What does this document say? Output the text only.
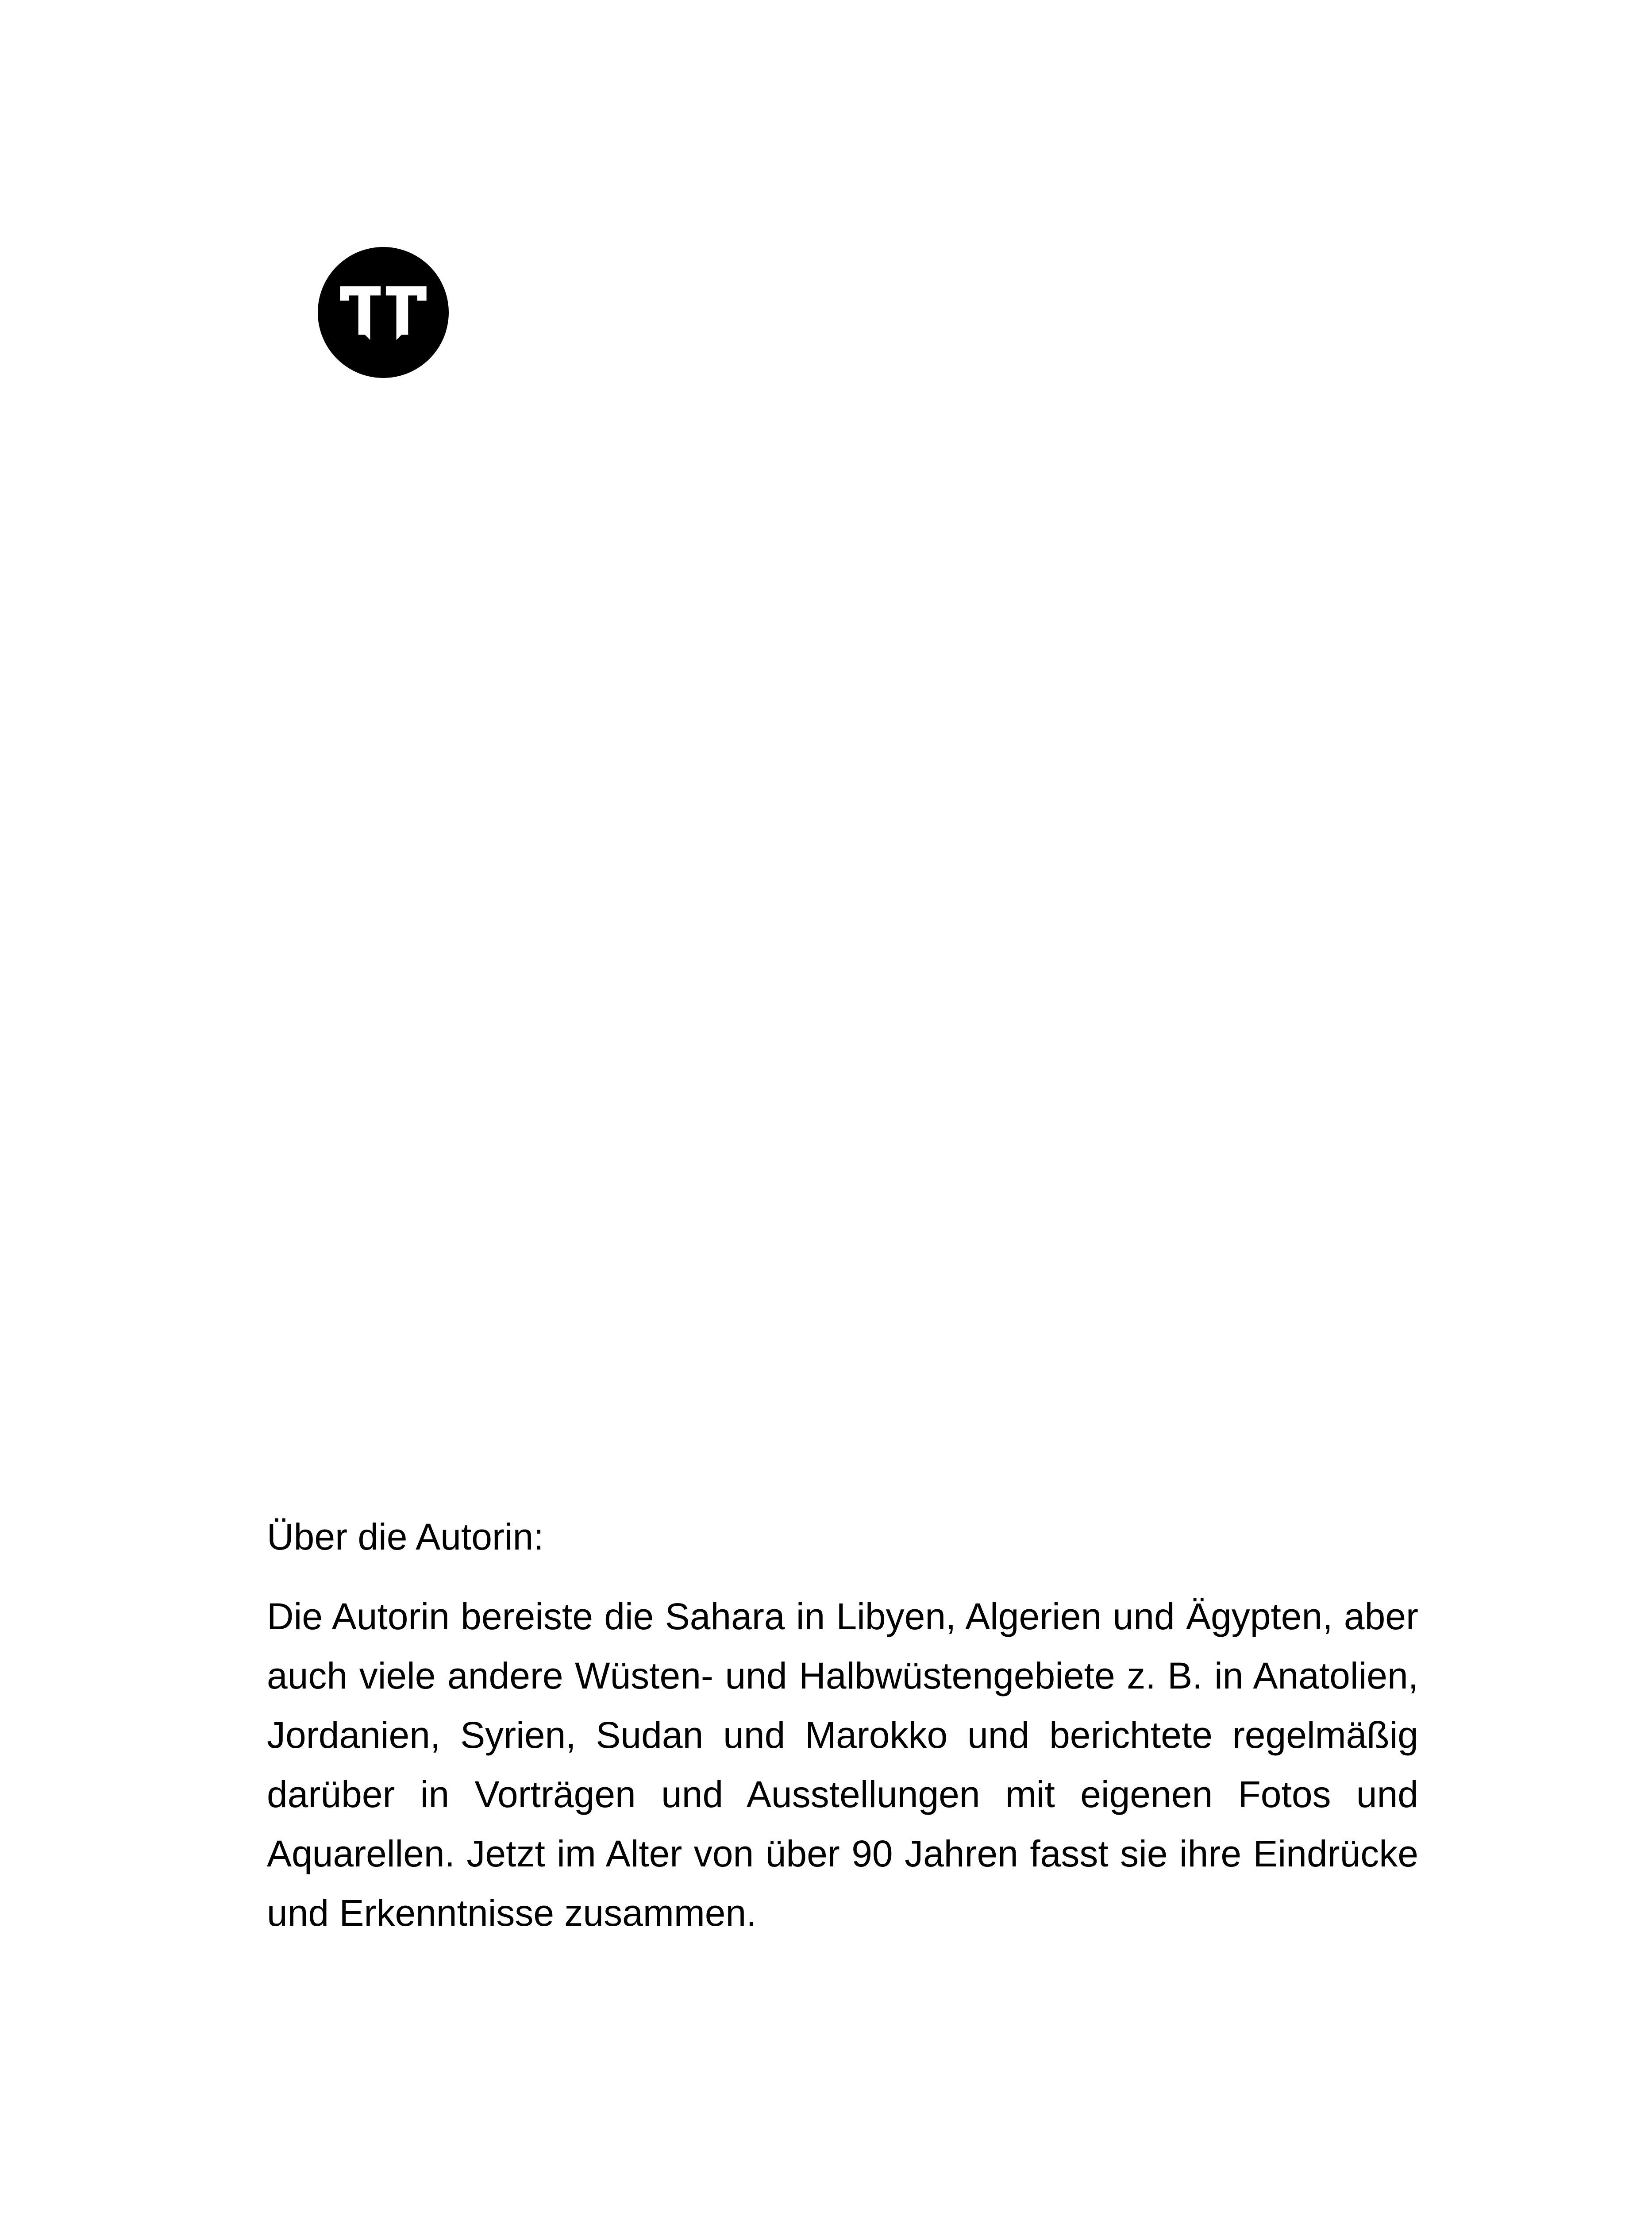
Über die Autorin:

Die Autorin bereiste die Sahara in Libyen, Algerien und Ägypten, aber auch viele andere Wüsten- und Halbwüstengebiete z. B. in Anatolien, Jordanien, Syrien, Sudan und Marokko und berichtete regelmäßig darüber in Vorträgen und Ausstellungen mit eigenen Fotos und Aquarellen. Jetzt im Alter von über 90 Jahren fasst sie ihre Eindrücke und Erkenntnisse zusammen.
